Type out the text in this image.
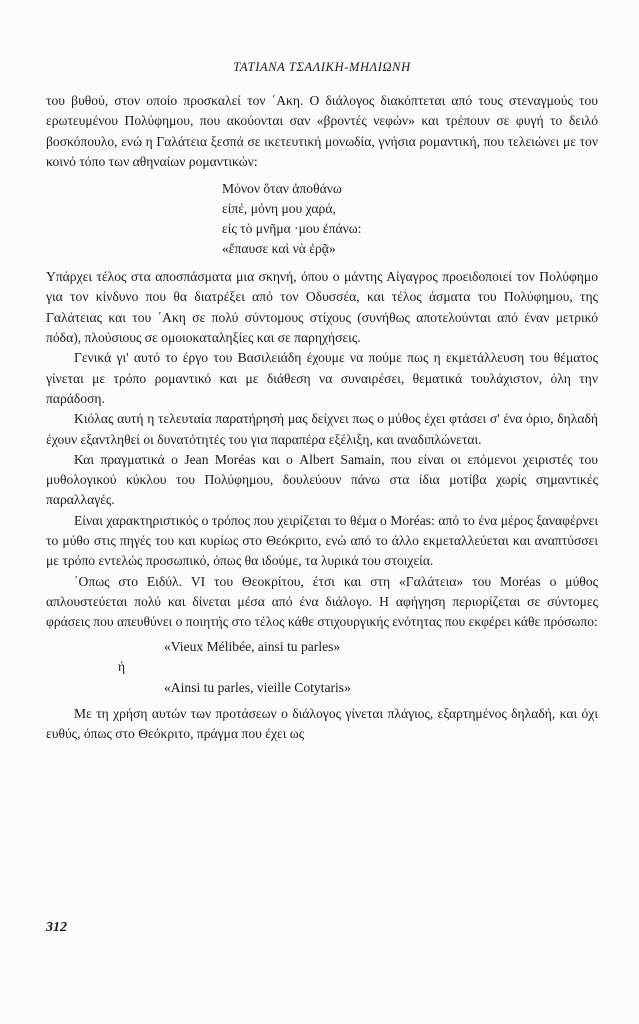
ΤΑΤΙΑΝΑ ΤΣΑΛΙΚΗ-ΜΗΛΙΩΝΗ

του βυθού, στον οποίο προσκαλεί τον ΄Ακη. Ο διάλογος διακόπτεται από τους στεναγμούς του ερωτευμένου Πολύφημου, που ακούονται σαν «βροντές νεφών» και τρέπουν σε φυγή το δειλό βοσκόπουλο, ενώ η Γαλάτεια ξεσπά σε ικετευτική μονωδία, γνήσια ρομαντική, που τελειώνει με τον κοινό τόπο των αθηναίων ρομαντικών:

Μόνον ὅταν ἀποθάνω
εἰπέ, μόνη μου χαρά,
εἰς τὸ μνῆμα ·μου ἐπάνω:
«ἔπαυσε καὶ νὰ ἐρᾷ»

Υπάρχει τέλος στα αποσπάσματα μια σκηνή, όπου ο μάντης Αίγαγρος προειδοποιεί τον Πολύφημο για τον κίνδυνο που θα διατρέξει από τον Οδυσσέα, και τέλος άσματα του Πολύφημου, της Γαλάτειας και του ΄Ακη σε πολύ σύντομους στίχους (συνήθως αποτελούνται από έναν μετρικό πόδα), πλούσιους σε ομοιοκαταληξίες και σε παρηχήσεις.

Γενικά γι' αυτό το έργο του Βασιλειάδη έχουμε να πούμε πως η εκμετάλλευση του θέματος γίνεται με τρόπο ρομαντικό και με διάθεση να συναιρέσει, θεματικά τουλάχιστον, όλη την παράδοση.

Κιόλας αυτή η τελευταία παρατήρησή μας δείχνει πως ο μύθος έχει φτάσει σ' ένα όριο, δηλαδή έχουν εξαντληθεί οι δυνατότητές του για παραπέρα εξέλιξη, και αναδιπλώνεται.

Και πραγματικά ο Jean Moréas και ο Albert Samain, που είναι οι επόμενοι χειριστές του μυθολογικού κύκλου του Πολύφημου, δουλεύουν πάνω στα ίδια μοτίβα χωρίς σημαντικές παραλλαγές.

Είναι χαρακτηριστικός ο τρόπος που χειρίζεται το θέμα ο Moréas: από το ένα μέρος ξαναφέρνει το μύθο στις πηγές του και κυρίως στο Θεόκριτο, ενώ από το άλλο εκμεταλλεύεται και αναπτύσσει με τρόπο εντελώς προσωπικό, όπως θα ιδούμε, τα λυρικά του στοιχεία.

΄Οπως στο Ειδύλ. VI του Θεοκρίτου, έτσι και στη «Γαλάτεια» του Moréas ο μύθος απλουστεύεται πολύ και δίνεται μέσα από ένα διάλογο. Η αφήγηση περιορίζεται σε σύντομες φράσεις που απευθύνει ο ποιητής στο τέλος κάθε στιχουργικής ενότητας που εκφέρει κάθε πρόσωπο:

«Vieux Mélibée, ainsi tu parles»
ή
«Ainsi tu parles, vieille Cotytaris»

Με τη χρήση αυτών των προτάσεων ο διάλογος γίνεται πλάγιος, εξαρτημένος δηλαδή, και όχι ευθύς, όπως στο Θεόκριτο, πράγμα που έχει ως

312
